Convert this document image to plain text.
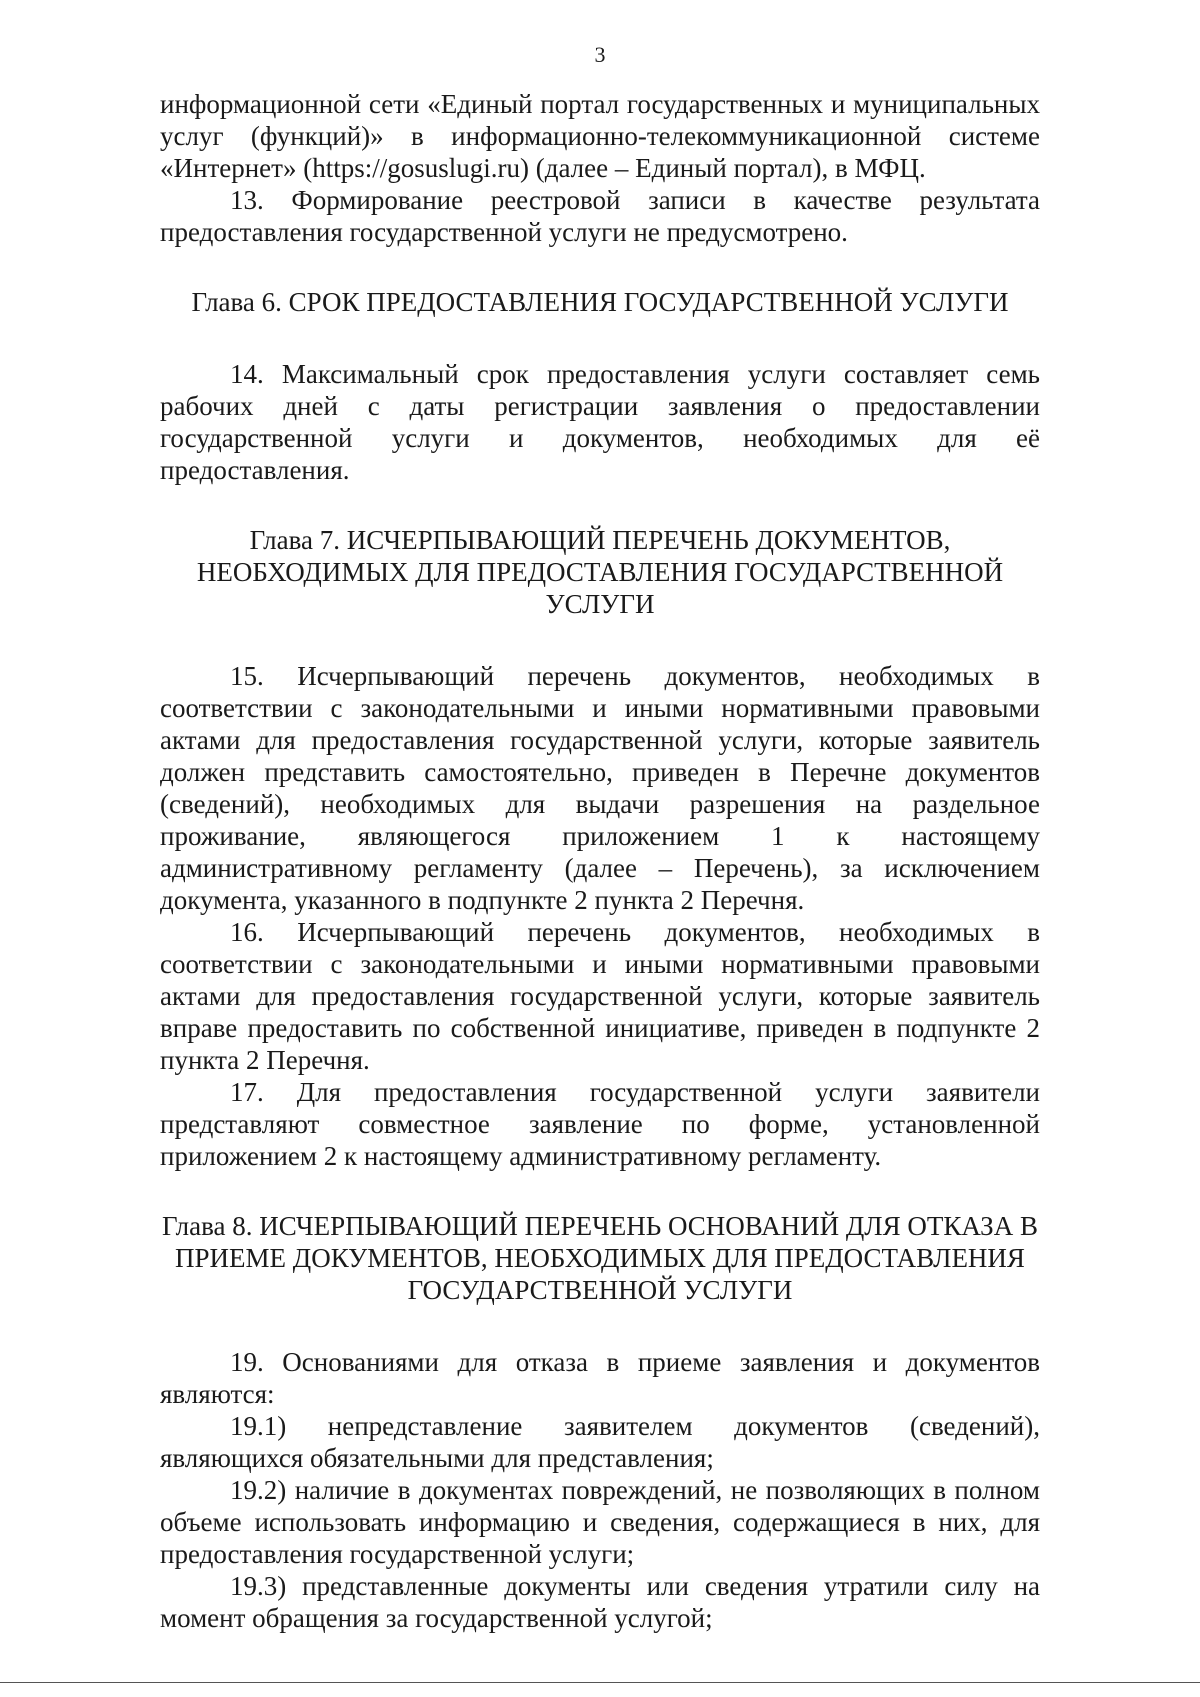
3

информационной сети «Единый портал государственных и муниципальных услуг (функций)» в информационно-телекоммуникационной системе «Интернет» (https://gosuslugi.ru) (далее – Единый портал), в МФЦ.

13. Формирование реестровой записи в качестве результата предоставления государственной услуги не предусмотрено.

Глава 6. СРОК ПРЕДОСТАВЛЕНИЯ ГОСУДАРСТВЕННОЙ УСЛУГИ

14. Максимальный срок предоставления услуги составляет семь рабочих дней с даты регистрации заявления о предоставлении государственной услуги и документов, необходимых для её предоставления.

Глава 7. ИСЧЕРПЫВАЮЩИЙ ПЕРЕЧЕНЬ ДОКУМЕНТОВ, НЕОБХОДИМЫХ ДЛЯ ПРЕДОСТАВЛЕНИЯ ГОСУДАРСТВЕННОЙ УСЛУГИ

15. Исчерпывающий перечень документов, необходимых в соответствии с законодательными и иными нормативными правовыми актами для предоставления государственной услуги, которые заявитель должен представить самостоятельно, приведен в Перечне документов (сведений), необходимых для выдачи разрешения на раздельное проживание, являющегося приложением 1 к настоящему административному регламенту (далее – Перечень), за исключением документа, указанного в подпункте 2 пункта 2 Перечня.

16. Исчерпывающий перечень документов, необходимых в соответствии с законодательными и иными нормативными правовыми актами для предоставления государственной услуги, которые заявитель вправе предоставить по собственной инициативе, приведен в подпункте 2 пункта 2 Перечня.

17. Для предоставления государственной услуги заявители представляют совместное заявление по форме, установленной приложением 2 к настоящему административному регламенту.

Глава 8. ИСЧЕРПЫВАЮЩИЙ ПЕРЕЧЕНЬ ОСНОВАНИЙ ДЛЯ ОТКАЗА В ПРИЕМЕ ДОКУМЕНТОВ, НЕОБХОДИМЫХ ДЛЯ ПРЕДОСТАВЛЕНИЯ ГОСУДАРСТВЕННОЙ УСЛУГИ

19. Основаниями для отказа в приеме заявления и документов являются:

19.1) непредставление заявителем документов (сведений), являющихся обязательными для представления;

19.2) наличие в документах повреждений, не позволяющих в полном объеме использовать информацию и сведения, содержащиеся в них, для предоставления государственной услуги;

19.3) представленные документы или сведения утратили силу на момент обращения за государственной услугой;
